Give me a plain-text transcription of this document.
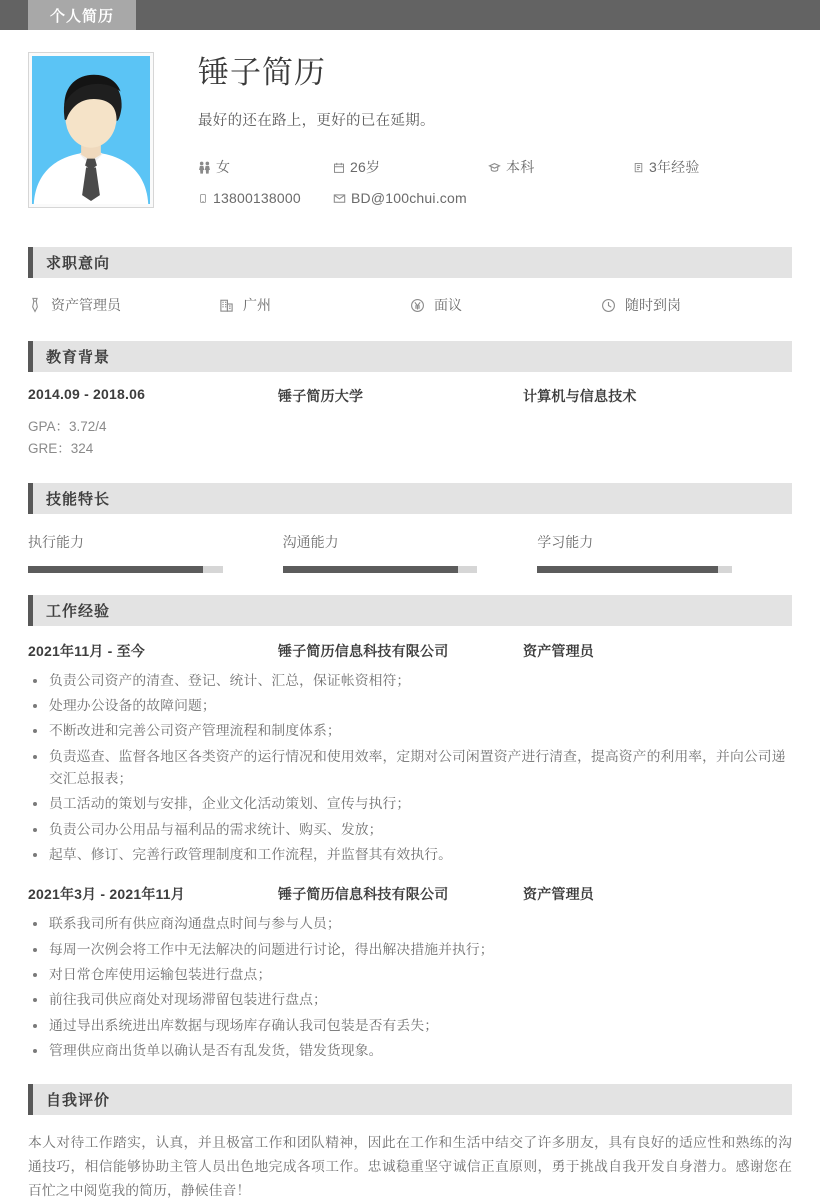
个人简历
锤子简历
最好的还在路上，更好的已在延期。
女	26岁	本科	3年经验
13800138000	BD@100chui.com
求职意向
资产管理员	广州	面议	随时到岗
教育背景
2014.09 - 2018.06	锤子简历大学	计算机与信息技术
GPA：3.72/4
GRE：324
技能特长
执行能力	沟通能力	学习能力
工作经验
2021年11月 - 至今	锤子简历信息科技有限公司	资产管理员
负责公司资产的清查、登记、统计、汇总，保证帐资相符；
处理办公设备的故障问题；
不断改进和完善公司资产管理流程和制度体系；
负责巡查、监督各地区各类资产的运行情况和使用效率，定期对公司闲置资产进行清查，提高资产的利用率，并向公司递交汇总报表；
员工活动的策划与安排，企业文化活动策划、宣传与执行；
负责公司办公用品与福利品的需求统计、购买、发放；
起草、修订、完善行政管理制度和工作流程，并监督其有效执行。
2021年3月 - 2021年11月	锤子简历信息科技有限公司	资产管理员
联系我司所有供应商沟通盘点时间与参与人员；
每周一次例会将工作中无法解决的问题进行讨论，得出解决措施并执行；
对日常仓库使用运输包装进行盘点；
前往我司供应商处对现场滞留包装进行盘点；
通过导出系统进出库数据与现场库存确认我司包装是否有丢失；
管理供应商出货单以确认是否有乱发货，错发货现象。
自我评价
本人对待工作踏实，认真，并且极富工作和团队精神，因此在工作和生活中结交了许多朋友，具有良好的适应性和熟练的沟通技巧，相信能够协助主管人员出色地完成各项工作。忠诚稳重坚守诚信正直原则，勇于挑战自我开发自身潜力。感谢您在百忙之中阅览我的简历，静候佳音！
